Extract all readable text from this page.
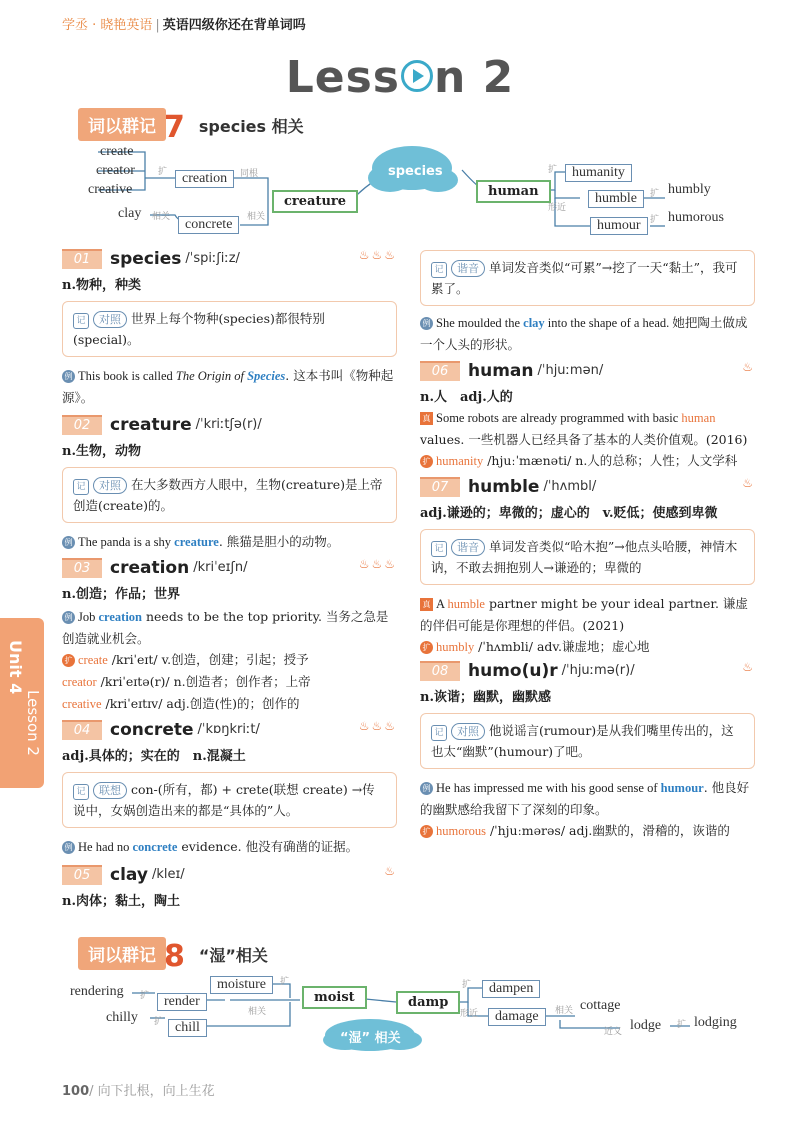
学丞 · 晓艳英语 | 英语四级你还在背单词吗
Less n 2
词以群记 7 species 相关
create
creator
creative
creation
clay
concrete
creature
species
human
humanity
humble
humbly
humour
humorous
扩	同根
相关	相关
扩
扩
形近
扩
01 species /ˈspiːʃiːz/	♨♨♨
n.物种，种类
记 对照 世界上每个物种(species)都很特别(special)。
例 This book is called The Origin of Species. 这本书叫《物种起源》。
02 creature /ˈkriːtʃə(r)/
n.生物，动物
记 对照 在大多数西方人眼中，生物(creature)是上帝创造(create)的。
例 The panda is a shy creature. 熊猫是胆小的动物。
03 creation /kriˈeɪʃn/	♨♨♨
n.创造；作品；世界
例 Job creation needs to be the top priority. 当务之急是创造就业机会。
扩 create /kriˈeɪt/ v.创造，创建；引起；授予
creator /kriˈeɪtə(r)/ n.创造者；创作者；上帝
creative /kriˈeɪtɪv/ adj.创造(性)的；创作的
04 concrete /ˈkɒŋkriːt/	♨♨♨
adj.具体的；实在的　n.混凝土
记 联想 con-(所有，都) + crete(联想 create) →传说中，女娲创造出来的都是“具体的”人。
例 He had no concrete evidence. 他没有确凿的证据。
05 clay /kleɪ/	♨
n.肉体；黏土，陶土
记 谐音 单词发音类似“可累”→挖了一天“黏土”，我可累了。
例 She moulded the clay into the shape of a head. 她把陶土做成一个人头的形状。
06 human /ˈhjuːmən/	♨
n.人　adj.人的
真 Some robots are already programmed with basic human values. 一些机器人已经具备了基本的人类价值观。(2016)
扩 humanity /hjuːˈmænəti/ n.人的总称；人性；人文学科
07 humble /ˈhʌmbl/	♨
adj.谦逊的；卑微的；虚心的　v.贬低；使感到卑微
记 谐音 单词发音类似“哈木抱”→他点头哈腰，神情木讷，不敢去拥抱别人→谦逊的；卑微的
真 A humble partner might be your ideal partner. 谦虚的伴侣可能是你理想的伴侣。(2021)
扩 humbly /ˈhʌmbli/ adv.谦虚地；虚心地
08 humo(u)r /ˈhjuːmə(r)/	♨
n.诙谐；幽默，幽默感
记 对照 他说谣言(rumour)是从我们嘴里传出的，这也太“幽默”(humour)了吧。
例 He has impressed me with his good sense of humour. 他良好的幽默感给我留下了深刻的印象。
扩 humorous /ˈhjuːmərəs/ adj.幽默的，滑稽的，诙谐的
Unit 4
Lesson 2
词以群记 8 “湿”相关
rendering
render
moisture
chilly
chill
moist
“湿” 相关
damp
dampen
damage
cottage
lodge lodging
扩
扩
扩
相关
扩
形近	相关
近义
扩
100/ 向下扎根，向上生花
